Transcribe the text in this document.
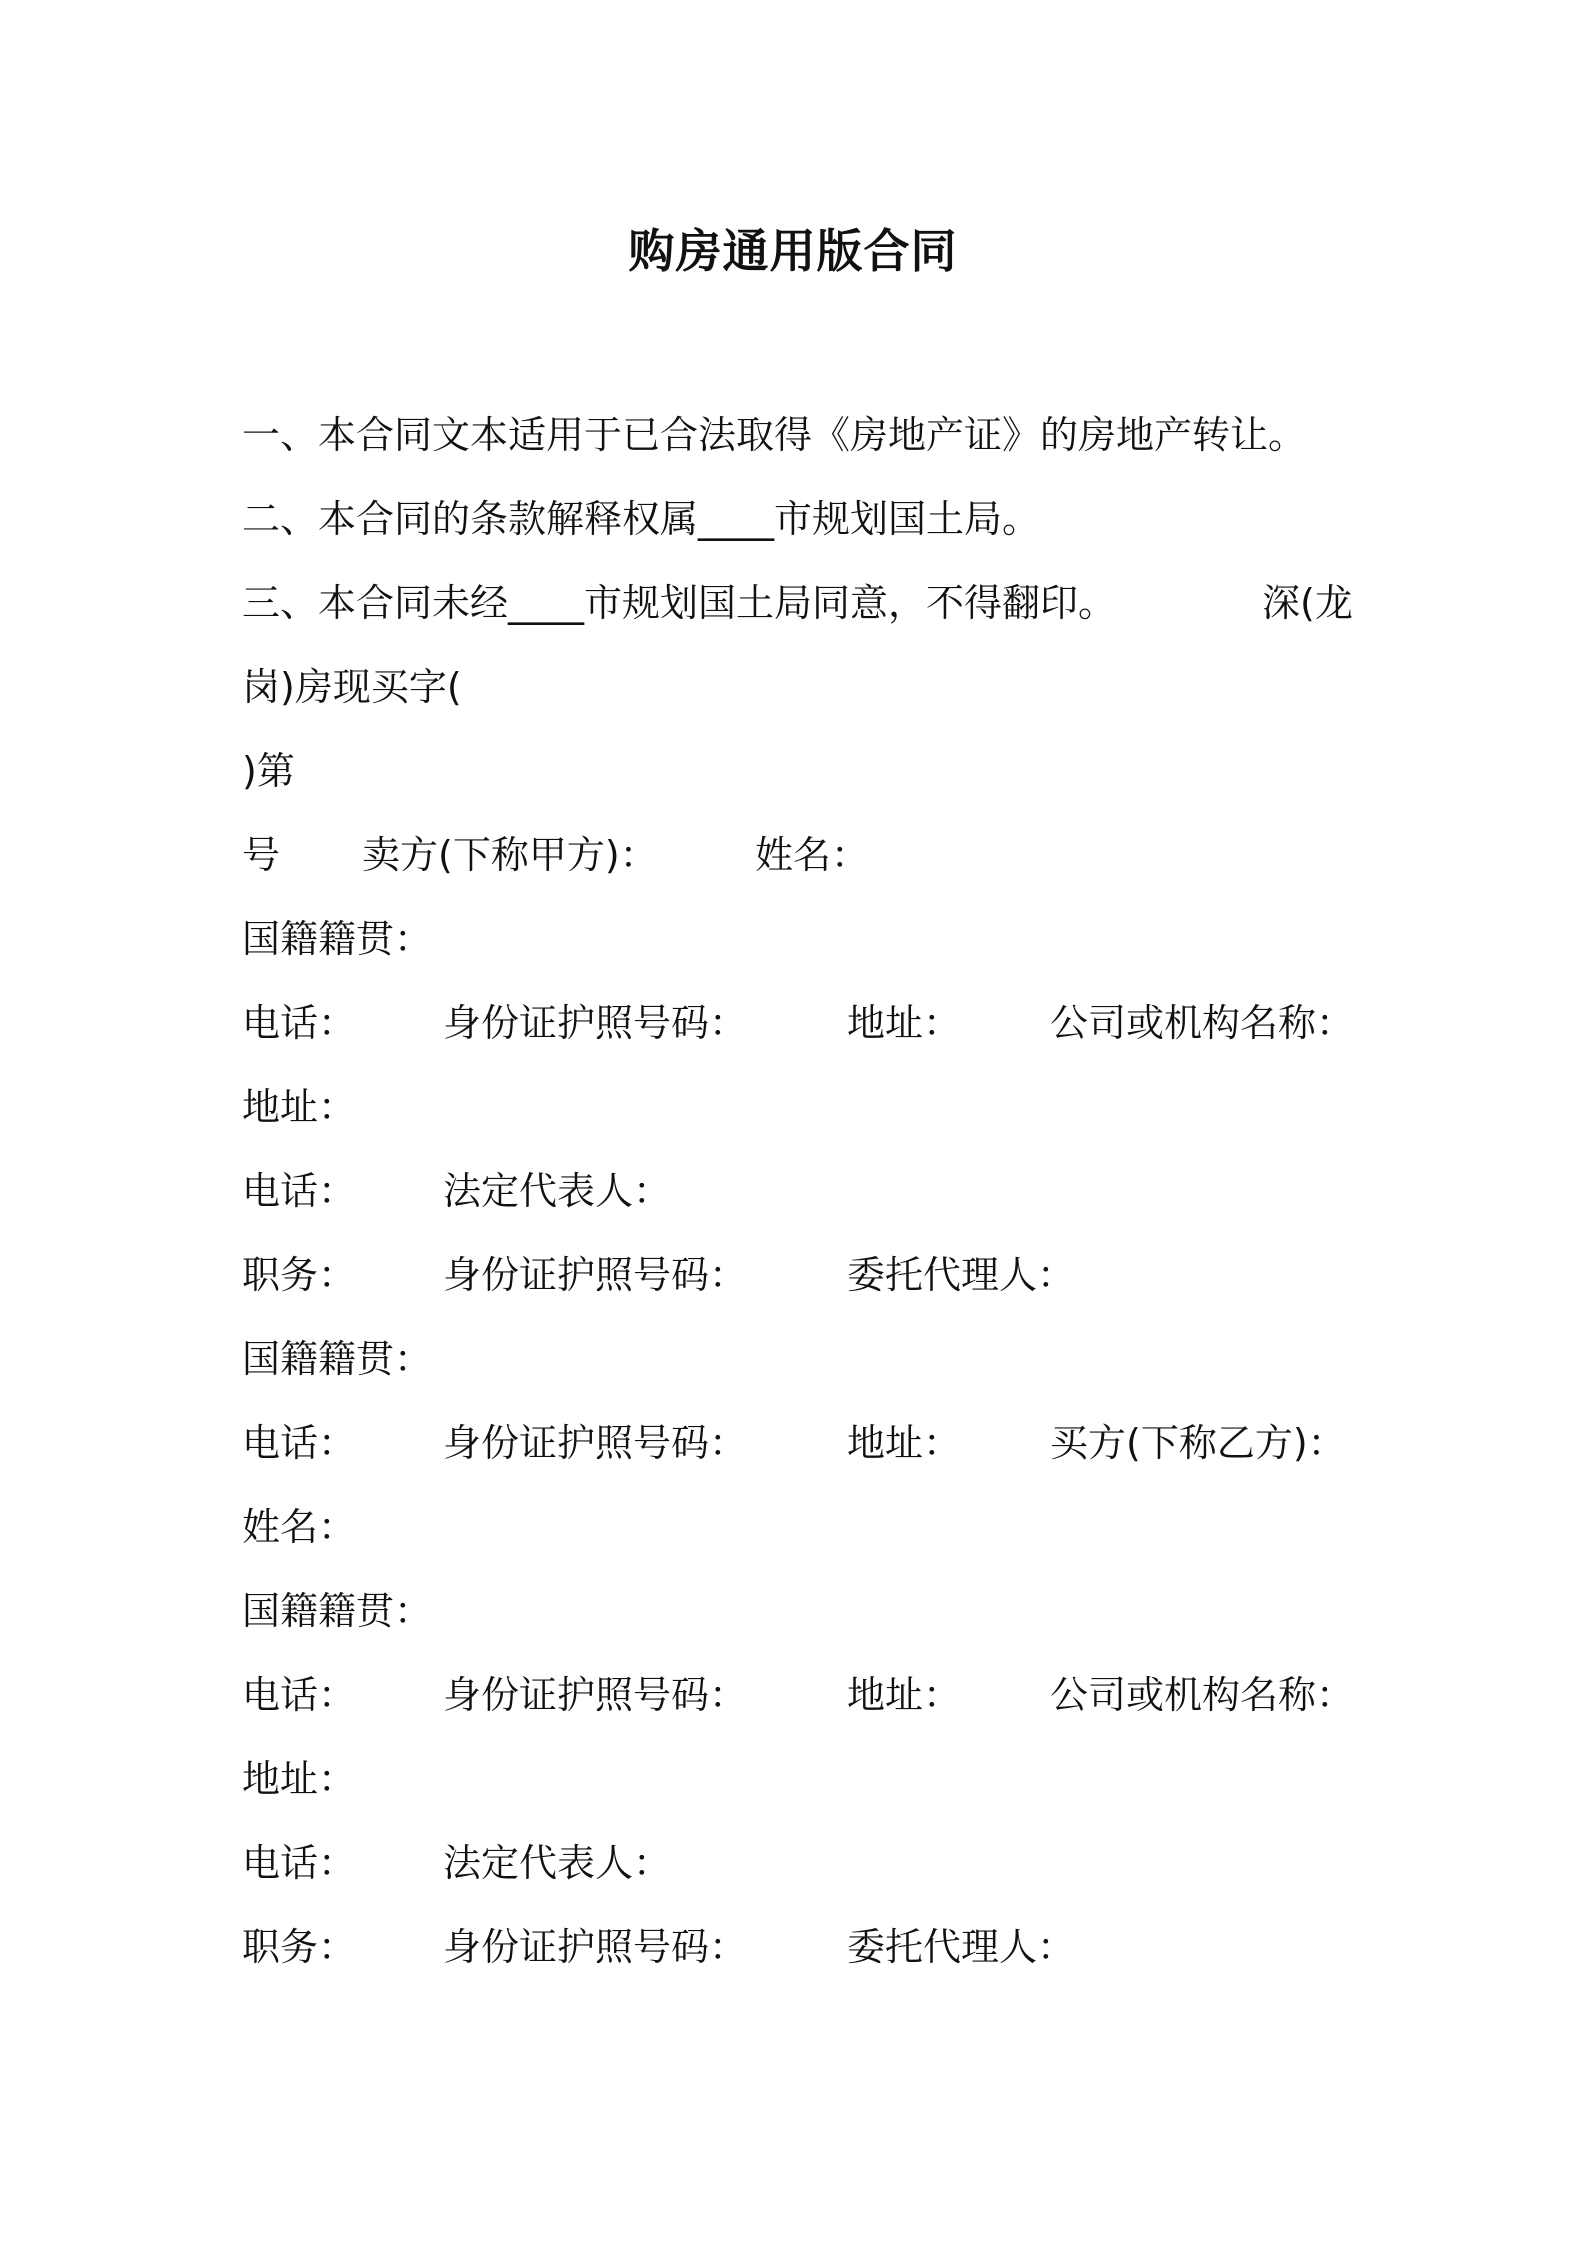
购房通用版合同
一、本合同文本适用于已合法取得《房地产证》的房地产转让。
二、本合同的条款解释权属____市规划国土局。
三、本合同未经____市规划国土局同意，不得翻印。	深(龙
岗)房现买字(
)第
号 卖方(下称甲方)：	姓名：
国籍籍贯：
电话： 身份证护照号码：	地址： 公司或机构名称：
地址：
电话： 法定代表人：
职务： 身份证护照号码：	委托代理人：
国籍籍贯：
电话： 身份证护照号码：	地址： 买方(下称乙方)：
姓名：
国籍籍贯：
电话： 身份证护照号码：	地址： 公司或机构名称：
地址：
电话： 法定代表人：
职务： 身份证护照号码：	委托代理人：
